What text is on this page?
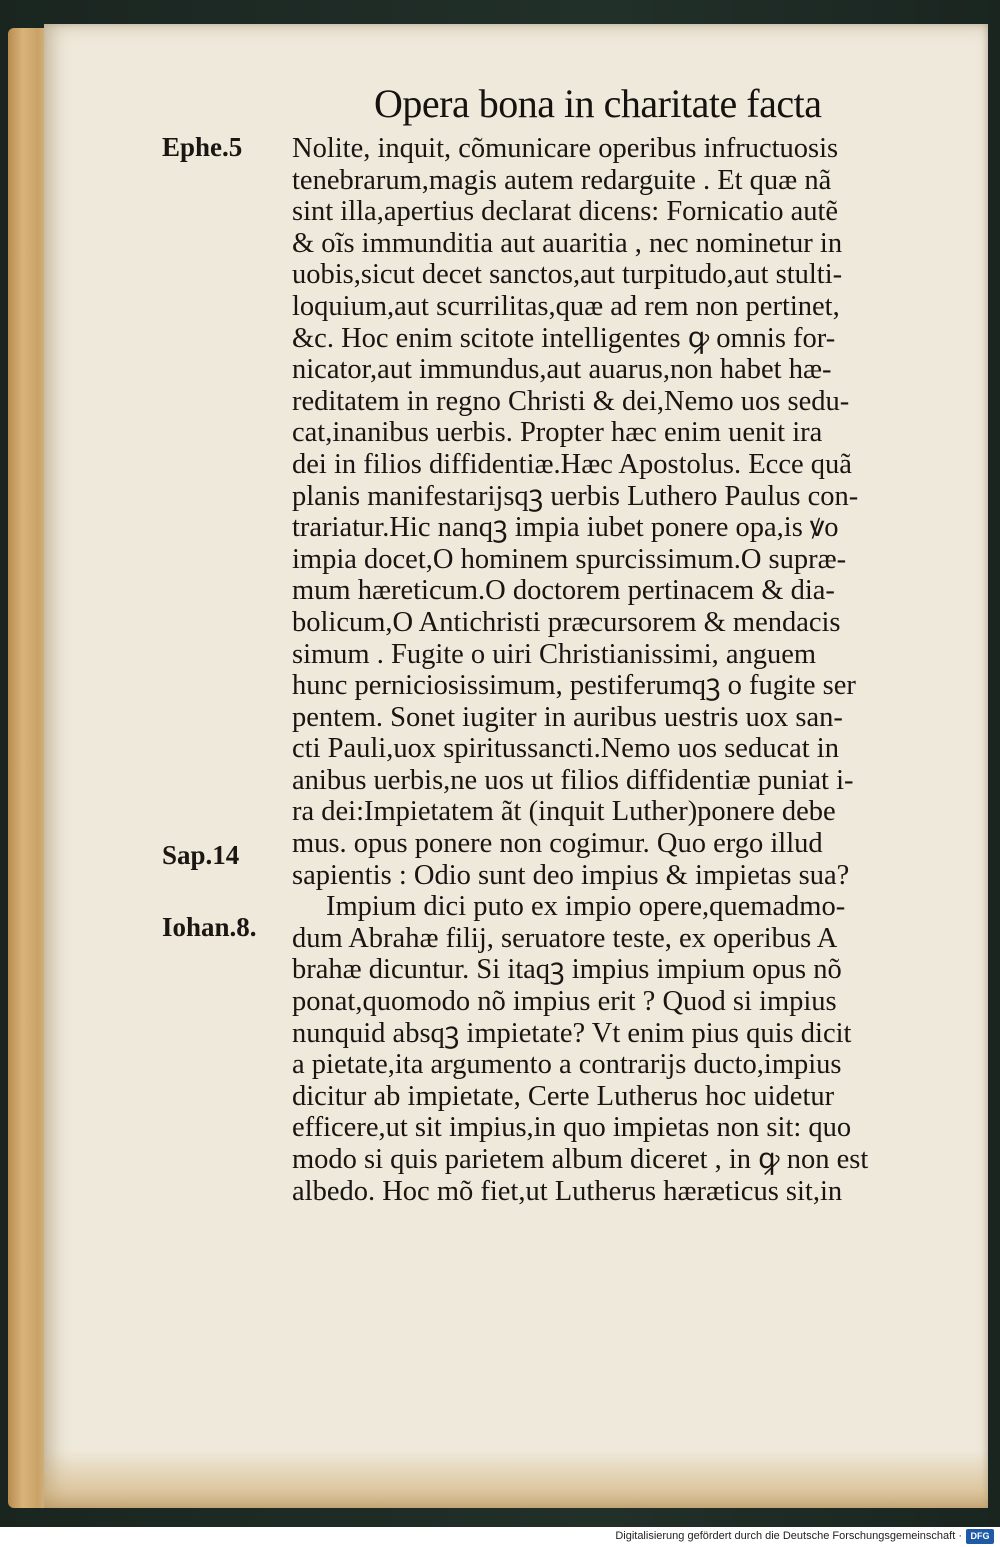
Opera bona in charitate facta
Ephe.5
Sap.14
Iohan.8.
Nolite, inquit, cõmunicare operibus infructuosis
tenebrarum,magis autem redarguite . Et quæ nã
sint illa,apertius declarat dicens: Fornicatio autẽ
& oĩs immunditia aut auaritia , nec nominetur in
uobis,sicut decet sanctos,aut turpitudo,aut stulti-
loquium,aut scurrilitas,quæ ad rem non pertinet,
&c. Hoc enim scitote intelligentes ꝙ omnis for-
nicator,aut immundus,aut auarus,non habet hæ-
reditatem in regno Christi & dei,Nemo uos sedu-
cat,inanibus uerbis. Propter hæc enim uenit ira
dei in filios diffidentiæ.Hæc Apostolus. Ecce quã
planis manifestarijsqꝫ uerbis Luthero Paulus con-
trariatur.Hic nanqꝫ impia iubet ponere opa,is ꝟo
impia docet,O hominem spurcissimum.O supræ-
mum hæreticum.O doctorem pertinacem & dia-
bolicum,O Antichristi præcursorem & mendacis
simum . Fugite o uiri Christianissimi, anguem
hunc perniciosissimum, pestiferumqꝫ o fugite ser
pentem. Sonet iugiter in auribus uestris uox san-
cti Pauli,uox spiritussancti.Nemo uos seducat in
anibus uerbis,ne uos ut filios diffidentiæ puniat i-
ra dei:Impietatem ãt (inquit Luther)ponere debe
mus. opus ponere non cogimur. Quo ergo illud
sapientis : Odio sunt deo impius & impietas sua?
Impium dici puto ex impio opere,quemadmo-
dum Abrahæ filij, seruatore teste, ex operibus A
brahæ dicuntur. Si itaqꝫ impius impium opus nõ
ponat,quomodo nõ impius erit ? Quod si impius
nunquid absqꝫ impietate? Vt enim pius quis dicit
a pietate,ita argumento a contrarijs ducto,impius
dicitur ab impietate, Certe Lutherus hoc uidetur
efficere,ut sit impius,in quo impietas non sit: quo
modo si quis parietem album diceret , in ꝙ non est
albedo. Hoc mõ fiet,ut Lutherus hæræticus sit,in
Digitalisierung gefördert durch die Deutsche Forschungsgemeinschaft · DFG
